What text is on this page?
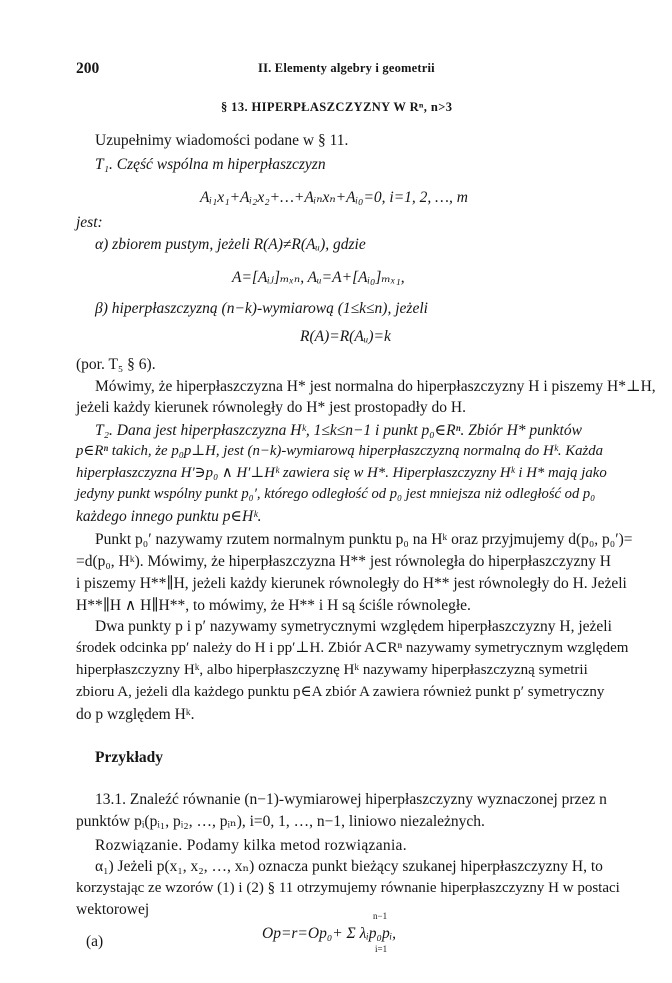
200	II. Elementy algebry i geometrii
§ 13. HIPERPŁASZCZYZNY W Rⁿ, n>3
Uzupełnimy wiadomości podane w § 11.
T₁. Część wspólna m hiperpłaszczyzn
Aᵢ₁x₁+Aᵢ₂x₂+…+Aᵢₙxₙ+Aᵢ₀=0, i=1, 2, …, m
jest:
α) zbiorem pustym, jeżeli R(A)≠R(Aᵤ), gdzie
A=[Aᵢⱼ]ₘₓₙ, Aᵤ=A+[Aᵢ₀]ₘₓ₁,
β) hiperpłaszczyzną (n−k)-wymiarową (1≤k≤n), jeżeli
R(A)=R(Aᵤ)=k
(por. T₅ § 6).
Mówimy, że hiperpłaszczyzna H* jest normalna do hiperpłaszczyzny H i piszemy H*⊥H,
jeżeli każdy kierunek równoległy do H* jest prostopadły do H.
T₂. Dana jest hiperpłaszczyzna Hᵏ, 1≤k≤n−1 i punkt p₀∈Rⁿ. Zbiór H* punktów
p∈Rⁿ takich, że p₀p⊥H, jest (n−k)-wymiarową hiperpłaszczyzną normalną do Hᵏ. Każda
hiperpłaszczyzna H′∋p₀ ∧ H′⊥Hᵏ zawiera się w H*. Hiperpłaszczyzny Hᵏ i H* mają jako
jedyny punkt wspólny punkt p₀′, którego odległość od p₀ jest mniejsza niż odległość od p₀
każdego innego punktu p∈Hᵏ.
Punkt p₀′ nazywamy rzutem normalnym punktu p₀ na Hᵏ oraz przyjmujemy d(p₀, p₀′)=
=d(p₀, Hᵏ). Mówimy, że hiperpłaszczyzna H** jest równoległa do hiperpłaszczyzny H
i piszemy H**∥H, jeżeli każdy kierunek równoległy do H** jest równoległy do H. Jeżeli
H**∥H ∧ H∥H**, to mówimy, że H** i H są ściśle równoległe.
Dwa punkty p i p′ nazywamy symetrycznymi względem hiperpłaszczyzny H, jeżeli
środek odcinka pp′ należy do H i pp′⊥H. Zbiór A⊂Rⁿ nazywamy symetrycznym względem
hiperpłaszczyzny Hᵏ, albo hiperpłaszczyznę Hᵏ nazywamy hiperpłaszczyzną symetrii
zbioru A, jeżeli dla każdego punktu p∈A zbiór A zawiera również punkt p′ symetryczny
do p względem Hᵏ.
Przykłady
13.1. Znaleźć równanie (n−1)-wymiarowej hiperpłaszczyzny wyznaczonej przez n
punktów pᵢ(pᵢ₁, pᵢ₂, …, pᵢₙ), i=0, 1, …, n−1, liniowo niezależnych.
Rozwiązanie. Podamy kilka metod rozwiązania.
α₁) Jeżeli p(x₁, x₂, …, xₙ) oznacza punkt bieżący szukanej hiperpłaszczyzny H, to
korzystając ze wzorów (1) i (2) § 11 otrzymujemy równanie hiperpłaszczyzny H w postaci
wektorowej
(a)
n−1
Op=r=Op₀+ Σ λᵢp₀pᵢ,
i=1
